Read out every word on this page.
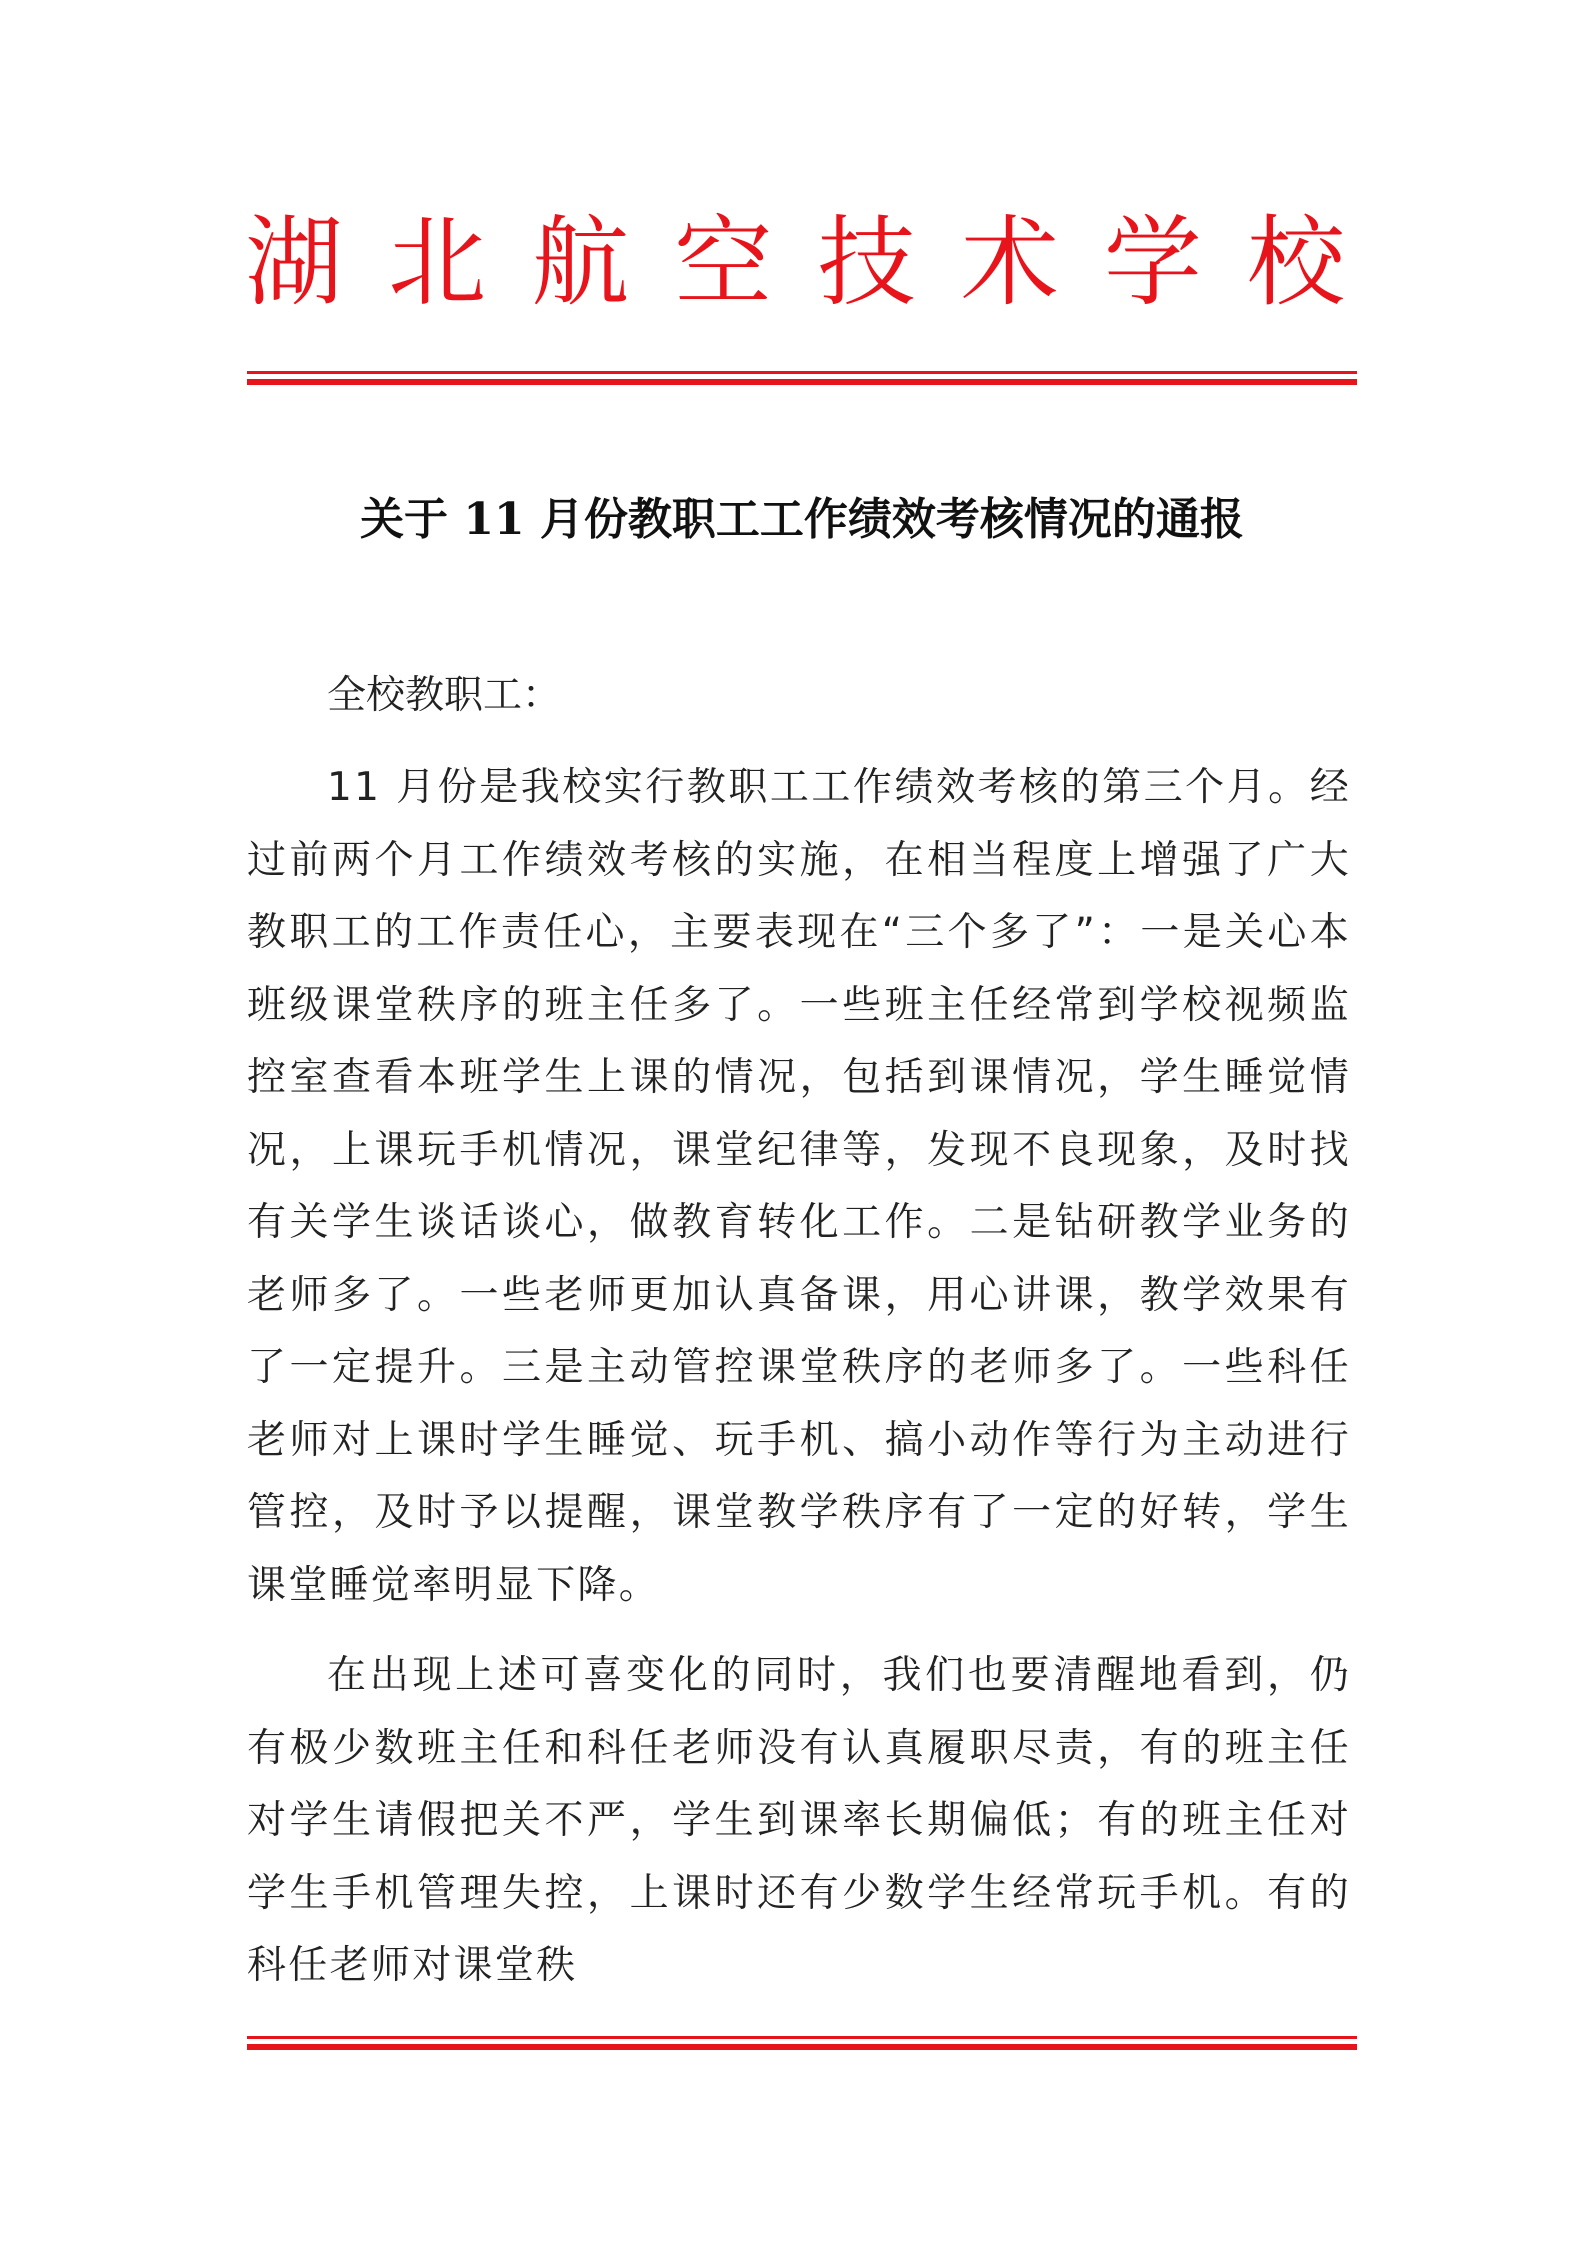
湖 北 航 空 技 术 学 校
关于 11 月份教职工工作绩效考核情况的通报

全校教职工：

11 月份是我校实行教职工工作绩效考核的第三个月。经过前两个月工作绩效考核的实施，在相当程度上增强了广大教职工的工作责任心，主要表现在“三个多了”：一是关心本班级课堂秩序的班主任多了。一些班主任经常到学校视频监控室查看本班学生上课的情况，包括到课情况，学生睡觉情况，上课玩手机情况，课堂纪律等，发现不良现象，及时找有关学生谈话谈心，做教育转化工作。二是钻研教学业务的老师多了。一些老师更加认真备课，用心讲课，教学效果有了一定提升。三是主动管控课堂秩序的老师多了。一些科任老师对上课时学生睡觉、玩手机、搞小动作等行为主动进行管控，及时予以提醒，课堂教学秩序有了一定的好转，学生课堂睡觉率明显下降。

在出现上述可喜变化的同时，我们也要清醒地看到，仍有极少数班主任和科任老师没有认真履职尽责，有的班主任对学生请假把关不严，学生到课率长期偏低；有的班主任对学生手机管理失控，上课时还有少数学生经常玩手机。有的科任老师对课堂秩
